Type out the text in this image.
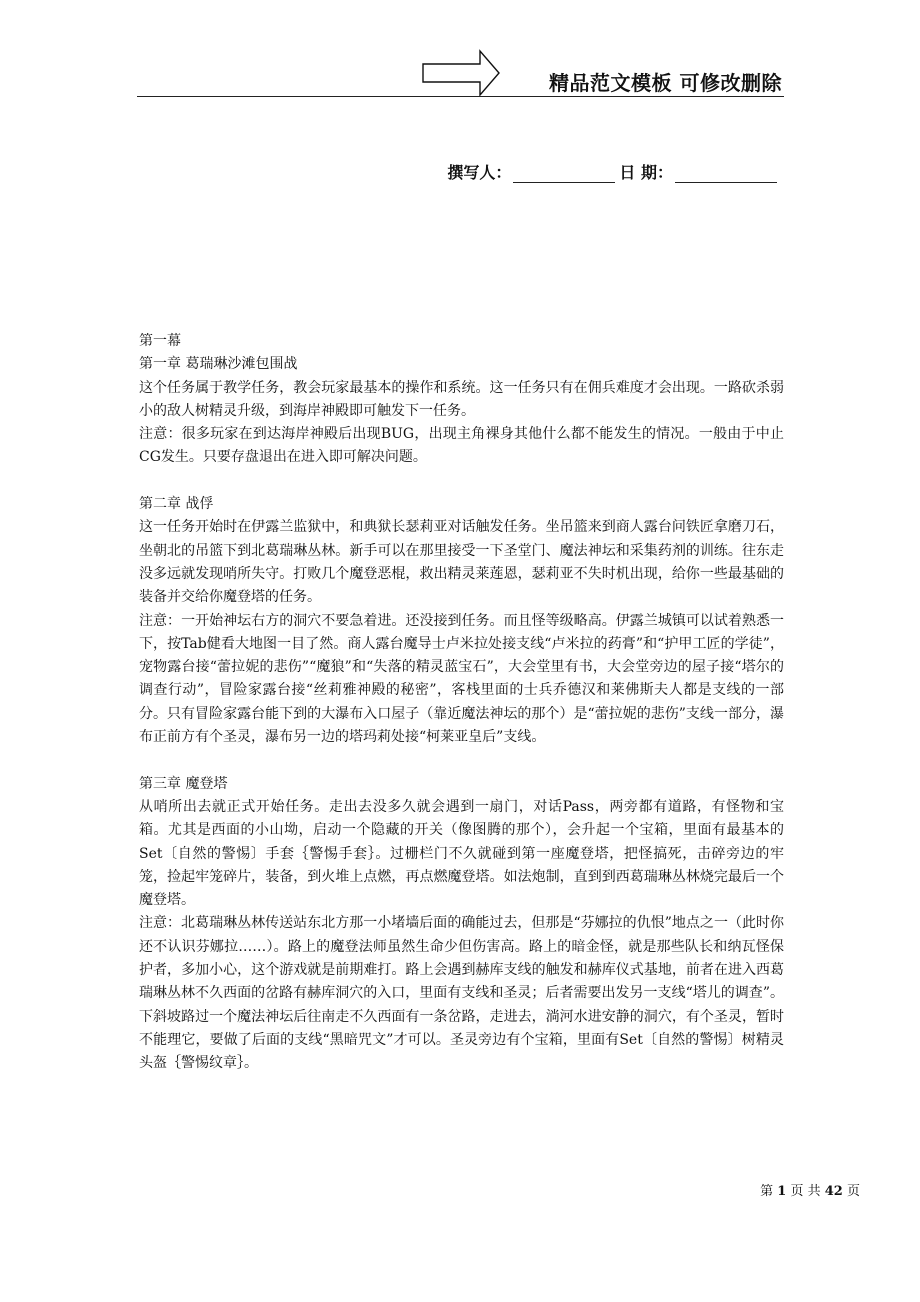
精品范文模板 可修改删除
撰写人：	日 期：

第一幕

第一章 葛瑞琳沙滩包围战

这个任务属于教学任务，教会玩家最基本的操作和系统。这一任务只有在佣兵难度才会出现。一路砍杀弱小的敌人树精灵升级，到海岸神殿即可触发下一任务。

注意：很多玩家在到达海岸神殿后出现BUG，出现主角裸身其他什么都不能发生的情况。一般由于中止CG发生。只要存盘退出在进入即可解决问题。

第二章 战俘

这一任务开始时在伊露兰监狱中，和典狱长瑟莉亚对话触发任务。坐吊篮来到商人露台问铁匠拿磨刀石，坐朝北的吊篮下到北葛瑞琳丛林。新手可以在那里接受一下圣堂门、魔法神坛和采集药剂的训练。往东走没多远就发现哨所失守。打败几个魔登恶棍，救出精灵莱莲恩，瑟莉亚不失时机出现，给你一些最基础的装备并交给你魔登塔的任务。

注意：一开始神坛右方的洞穴不要急着进。还没接到任务。而且怪等级略高。伊露兰城镇可以试着熟悉一下，按Tab健看大地图一目了然。商人露台魔导士卢米拉处接支线“卢米拉的药膏”和“护甲工匠的学徒”，宠物露台接“蕾拉妮的悲伤”“魔狼”和“失落的精灵蓝宝石”，大会堂里有书，大会堂旁边的屋子接“塔尔的调查行动”，冒险家露台接“丝莉雅神殿的秘密”，客栈里面的士兵乔德汉和莱佛斯夫人都是支线的一部分。只有冒险家露台能下到的大瀑布入口屋子（靠近魔法神坛的那个）是“蕾拉妮的悲伤”支线一部分，瀑布正前方有个圣灵，瀑布另一边的塔玛莉处接“柯莱亚皇后”支线。

第三章 魔登塔

从哨所出去就正式开始任务。走出去没多久就会遇到一扇门，对话Pass，两旁都有道路，有怪物和宝箱。尤其是西面的小山坳，启动一个隐藏的开关（像图腾的那个），会升起一个宝箱，里面有最基本的Set〔自然的警惕〕手套｛警惕手套｝。过栅栏门不久就碰到第一座魔登塔，把怪搞死，击碎旁边的牢笼，捡起牢笼碎片，装备，到火堆上点燃，再点燃魔登塔。如法炮制，直到到西葛瑞琳丛林烧完最后一个魔登塔。

注意：北葛瑞琳丛林传送站东北方那一小堵墙后面的确能过去，但那是“芬娜拉的仇恨”地点之一（此时你还不认识芬娜拉……）。路上的魔登法师虽然生命少但伤害高。路上的暗金怪，就是那些队长和纳瓦怪保护者，多加小心，这个游戏就是前期难打。路上会遇到赫库支线的触发和赫库仪式基地，前者在进入西葛瑞琳丛林不久西面的岔路有赫库洞穴的入口，里面有支线和圣灵；后者需要出发另一支线“塔儿的调查”。下斜坡路过一个魔法神坛后往南走不久西面有一条岔路，走进去，淌河水进安静的洞穴，有个圣灵，暂时不能理它，要做了后面的支线“黑暗咒文”才可以。圣灵旁边有个宝箱，里面有Set〔自然的警惕〕树精灵头盔｛警惕纹章｝。

第 1 页 共 42 页
